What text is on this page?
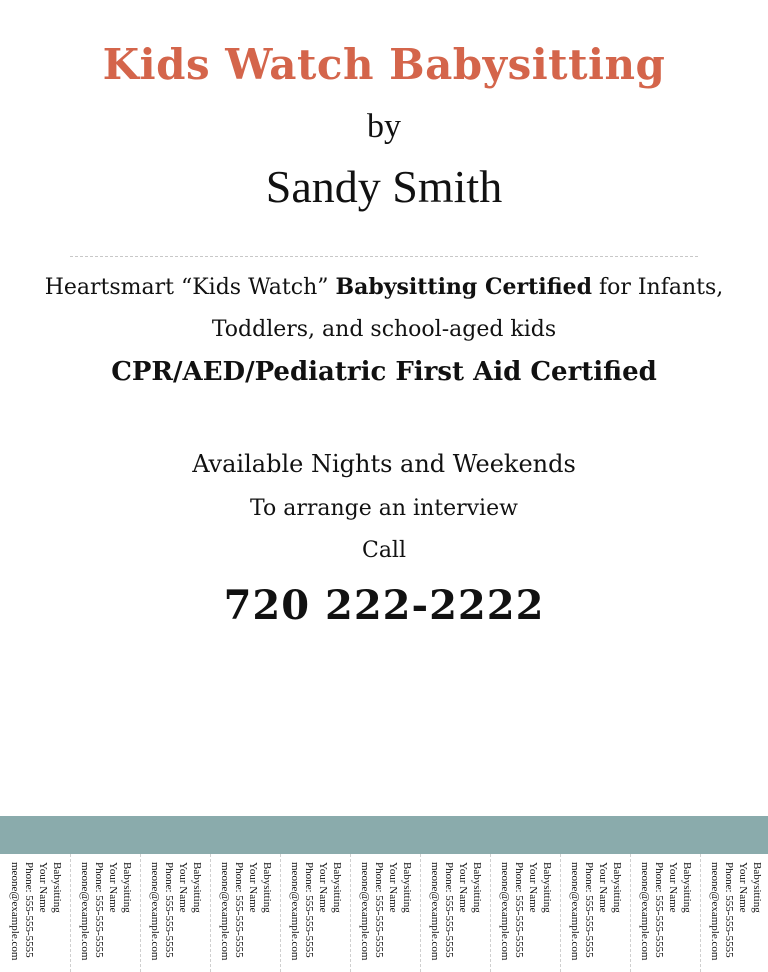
Kids Watch Babysitting
by
Sandy Smith
Heartsmart “Kids Watch” Babysitting Certified for Infants,
Toddlers, and school-aged kids
CPR/AED/Pediatric First Aid Certified
Available Nights and Weekends
To arrange an interview
Call
720 222-2222
Babysitting
Your Name
Phone: 555-555-5555
meone@example.com	Babysitting
Your Name
Phone: 555-555-5555
meone@example.com	Babysitting
Your Name
Phone: 555-555-5555
meone@example.com	Babysitting
Your Name
Phone: 555-555-5555
meone@example.com	Babysitting
Your Name
Phone: 555-555-5555
meone@example.com	Babysitting
Your Name
Phone: 555-555-5555
meone@example.com	Babysitting
Your Name
Phone: 555-555-5555
meone@example.com	Babysitting
Your Name
Phone: 555-555-5555
meone@example.com	Babysitting
Your Name
Phone: 555-555-5555
meone@example.com	Babysitting
Your Name
Phone: 555-555-5555
meone@example.com	Babysitting
Your Name
Phone: 555-555-5555
meone@example.com
